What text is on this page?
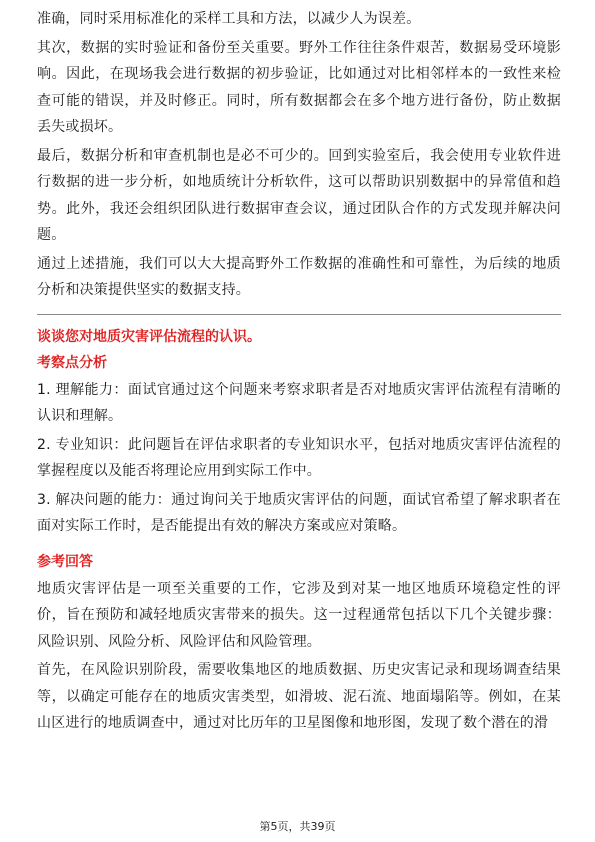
准确，同时采用标准化的采样工具和方法，以减少人为误差。

其次，数据的实时验证和备份至关重要。野外工作往往条件艰苦，数据易受环境影响。因此，在现场我会进行数据的初步验证，比如通过对比相邻样本的一致性来检查可能的错误，并及时修正。同时，所有数据都会在多个地方进行备份，防止数据丢失或损坏。

最后，数据分析和审查机制也是必不可少的。回到实验室后，我会使用专业软件进行数据的进一步分析，如地质统计分析软件，这可以帮助识别数据中的异常值和趋势。此外，我还会组织团队进行数据审查会议，通过团队合作的方式发现并解决问题。

通过上述措施，我们可以大大提高野外工作数据的准确性和可靠性，为后续的地质分析和决策提供坚实的数据支持。

谈谈您对地质灾害评估流程的认识。
考察点分析

1. 理解能力：面试官通过这个问题来考察求职者是否对地质灾害评估流程有清晰的认识和理解。

2. 专业知识：此问题旨在评估求职者的专业知识水平，包括对地质灾害评估流程的掌握程度以及能否将理论应用到实际工作中。

3. 解决问题的能力：通过询问关于地质灾害评估的问题，面试官希望了解求职者在面对实际工作时，是否能提出有效的解决方案或应对策略。

参考回答

地质灾害评估是一项至关重要的工作，它涉及到对某一地区地质环境稳定性的评价，旨在预防和减轻地质灾害带来的损失。这一过程通常包括以下几个关键步骤：风险识别、风险分析、风险评估和风险管理。

首先，在风险识别阶段，需要收集地区的地质数据、历史灾害记录和现场调查结果等，以确定可能存在的地质灾害类型，如滑坡、泥石流、地面塌陷等。例如，在某山区进行的地质调查中，通过对比历年的卫星图像和地形图，发现了数个潜在的滑

第5页，共39页
